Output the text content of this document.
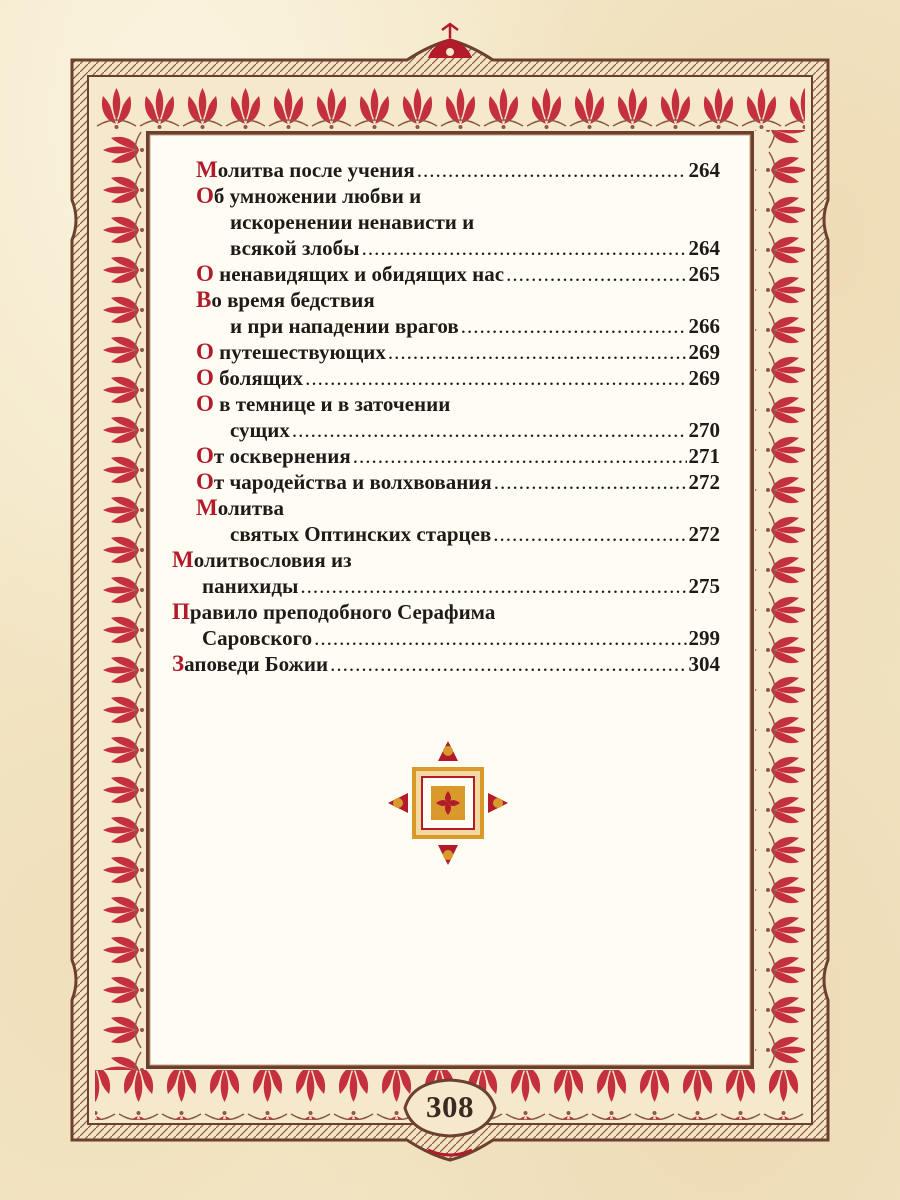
Молитва после учения .....	264
Об умножении любви и
искоренении ненависти и
всякой злобы .....	264
О ненавидящих и обидящих нас .....	265
Во время бедствия
и при нападении врагов .....	266
О путешествующих .....	269
О болящих .....	269
О в темнице и в заточении
сущих .....	270
От осквернения .....	271
От чародейства и волхвования .....	272
Молитва
святых Оптинских старцев .....	272
Молитвословия из
панихиды .....	275
Правило преподобного Серафима
Саровского .....	299
Заповеди Божии .....	304
308
